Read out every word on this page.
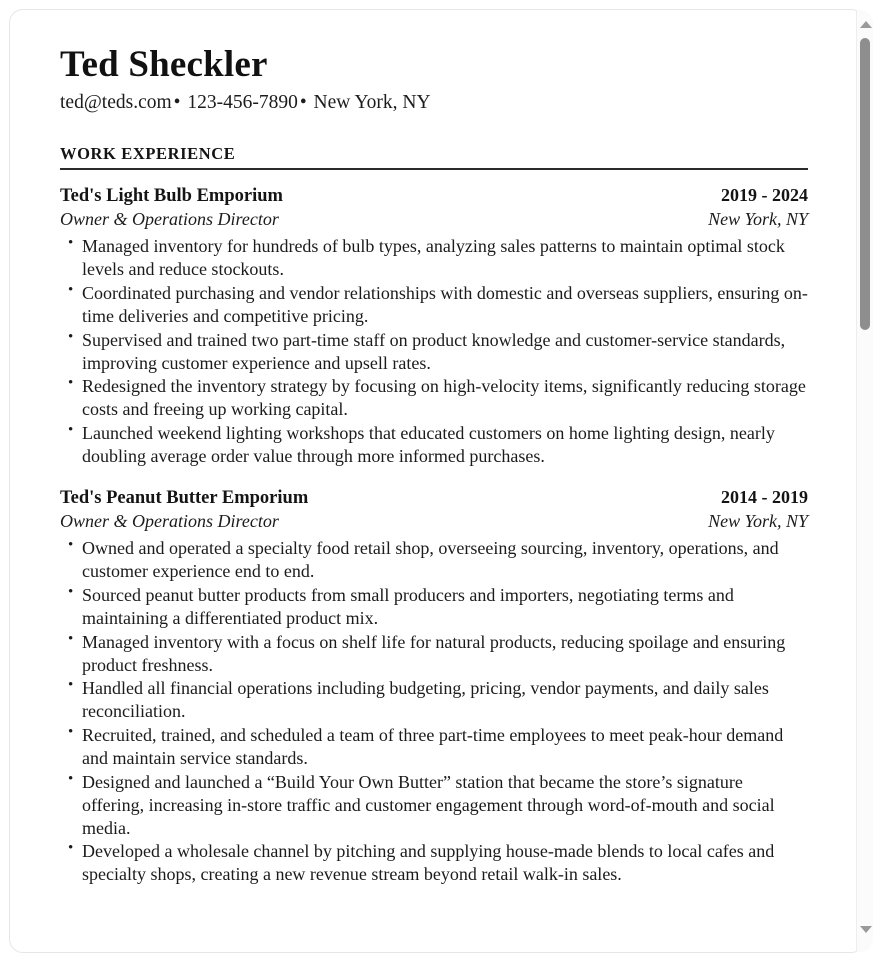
Ted Sheckler

ted@teds.com • 123-456-7890 • New York, NY

WORK EXPERIENCE
Ted's Light Bulb Emporium	2019 - 2024
Owner & Operations Director	New York, NY
• Managed inventory for hundreds of bulb types, analyzing sales patterns to maintain optimal stock levels and reduce stockouts.
• Coordinated purchasing and vendor relationships with domestic and overseas suppliers, ensuring on-time deliveries and competitive pricing.
• Supervised and trained two part-time staff on product knowledge and customer-service standards, improving customer experience and upsell rates.
• Redesigned the inventory strategy by focusing on high-velocity items, significantly reducing storage costs and freeing up working capital.
• Launched weekend lighting workshops that educated customers on home lighting design, nearly doubling average order value through more informed purchases.
Ted's Peanut Butter Emporium	2014 - 2019
Owner & Operations Director	New York, NY
• Owned and operated a specialty food retail shop, overseeing sourcing, inventory, operations, and customer experience end to end.
• Sourced peanut butter products from small producers and importers, negotiating terms and maintaining a differentiated product mix.
• Managed inventory with a focus on shelf life for natural products, reducing spoilage and ensuring product freshness.
• Handled all financial operations including budgeting, pricing, vendor payments, and daily sales reconciliation.
• Recruited, trained, and scheduled a team of three part-time employees to meet peak-hour demand and maintain service standards.
• Designed and launched a “Build Your Own Butter” station that became the store’s signature offering, increasing in-store traffic and customer engagement through word-of-mouth and social media.
• Developed a wholesale channel by pitching and supplying house-made blends to local cafes and specialty shops, creating a new revenue stream beyond retail walk-in sales.
